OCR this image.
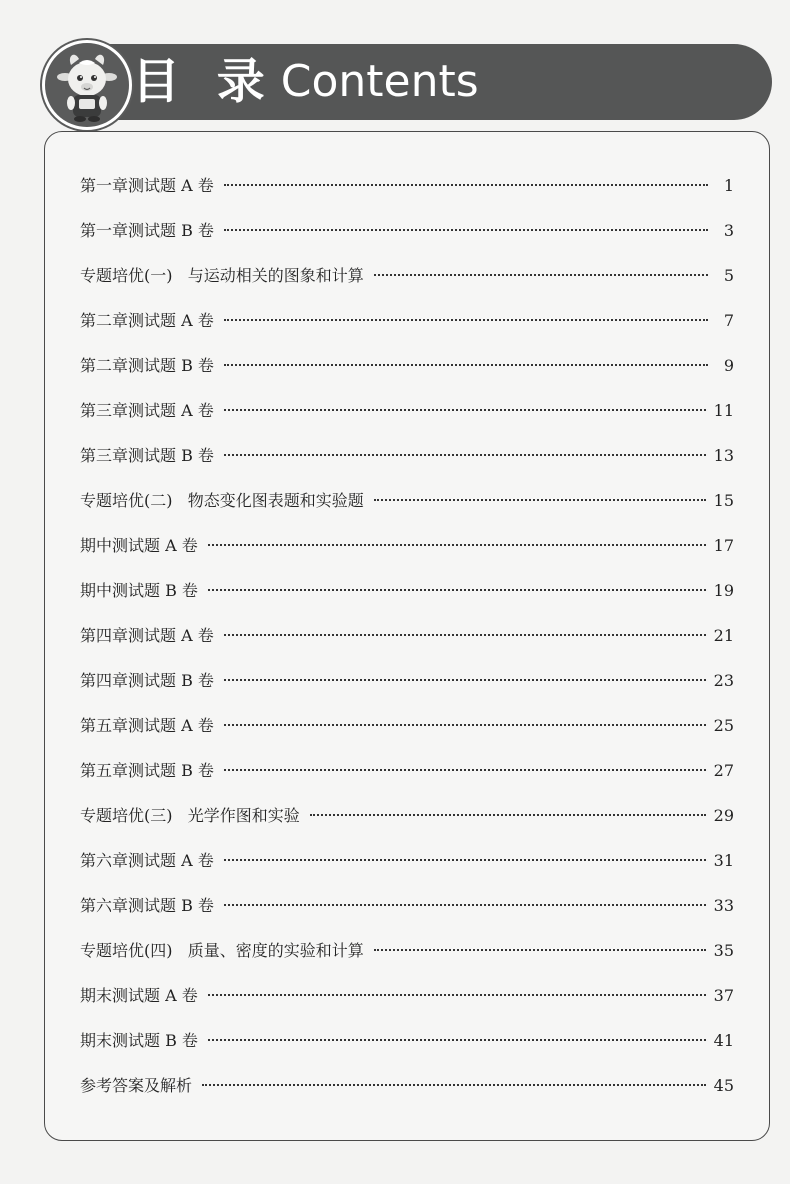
目 录 Contents
第一章测试题 A 卷	1
第一章测试题 B 卷	3
专题培优(一)   与运动相关的图象和计算	5
第二章测试题 A 卷	7
第二章测试题 B 卷	9
第三章测试题 A 卷	11
第三章测试题 B 卷	13
专题培优(二)   物态变化图表题和实验题	15
期中测试题 A 卷	17
期中测试题 B 卷	19
第四章测试题 A 卷	21
第四章测试题 B 卷	23
第五章测试题 A 卷	25
第五章测试题 B 卷	27
专题培优(三)   光学作图和实验	29
第六章测试题 A 卷	31
第六章测试题 B 卷	33
专题培优(四)   质量、密度的实验和计算	35
期末测试题 A 卷	37
期末测试题 B 卷	41
参考答案及解析	45
